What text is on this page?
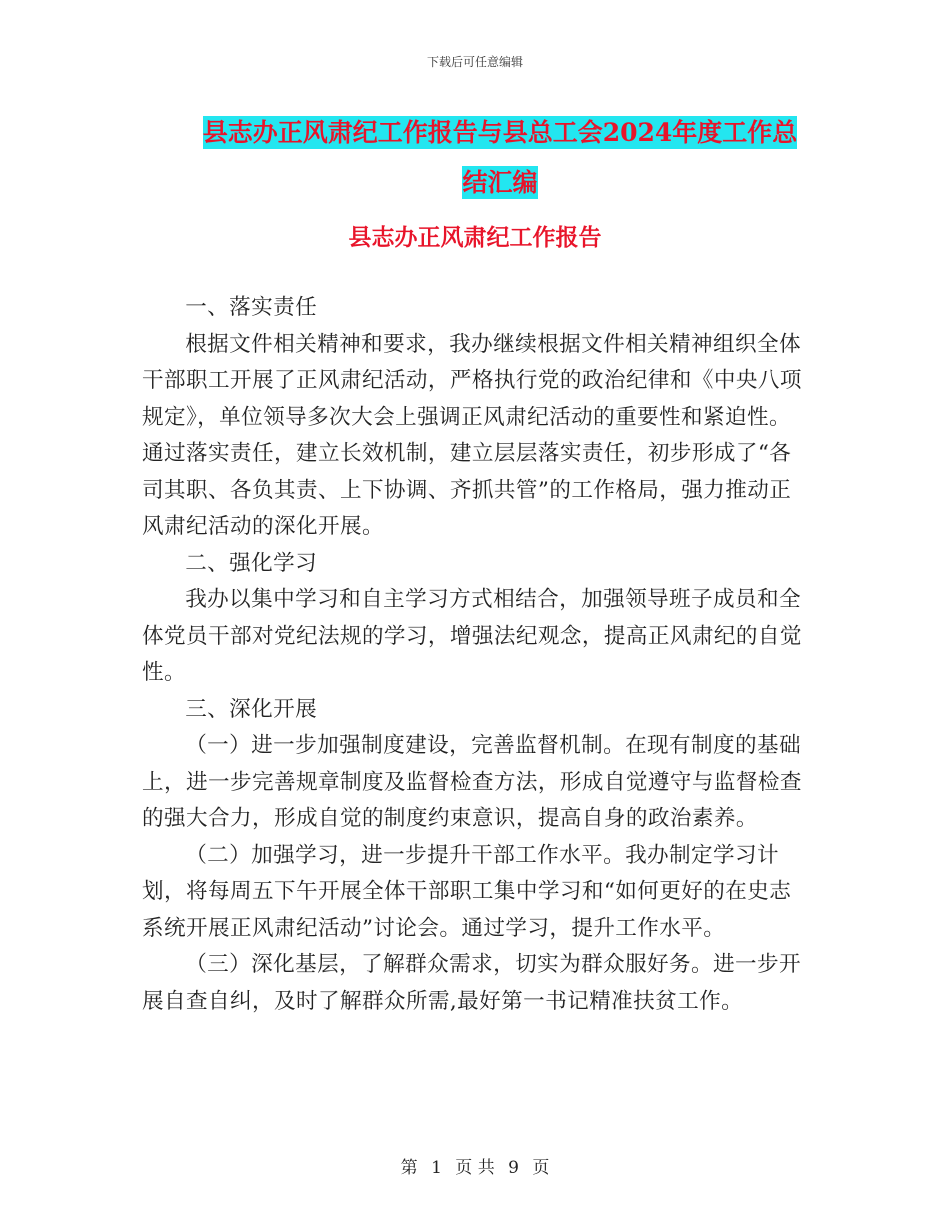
下载后可任意编辑
县志办正风肃纪工作报告与县总工会2024年度工作总
结汇编
县志办正风肃纪工作报告

一、落实责任

根据文件相关精神和要求，我办继续根据文件相关精神组织全体干部职工开展了正风肃纪活动，严格执行党的政治纪律和《中央八项规定》，单位领导多次大会上强调正风肃纪活动的重要性和紧迫性。通过落实责任，建立长效机制，建立层层落实责任，初步形成了“各司其职、各负其责、上下协调、齐抓共管”的工作格局，强力推动正风肃纪活动的深化开展。

二、强化学习

我办以集中学习和自主学习方式相结合，加强领导班子成员和全体党员干部对党纪法规的学习，增强法纪观念，提高正风肃纪的自觉性。

三、深化开展

（一）进一步加强制度建设，完善监督机制。在现有制度的基础上，进一步完善规章制度及监督检查方法，形成自觉遵守与监督检查的强大合力，形成自觉的制度约束意识，提高自身的政治素养。

（二）加强学习，进一步提升干部工作水平。我办制定学习计划，将每周五下午开展全体干部职工集中学习和“如何更好的在史志系统开展正风肃纪活动”讨论会。通过学习，提升工作水平。

（三）深化基层，了解群众需求，切实为群众服好务。进一步开展自查自纠，及时了解群众所需,最好第一书记精准扶贫工作。

第 1 页 共 9 页
